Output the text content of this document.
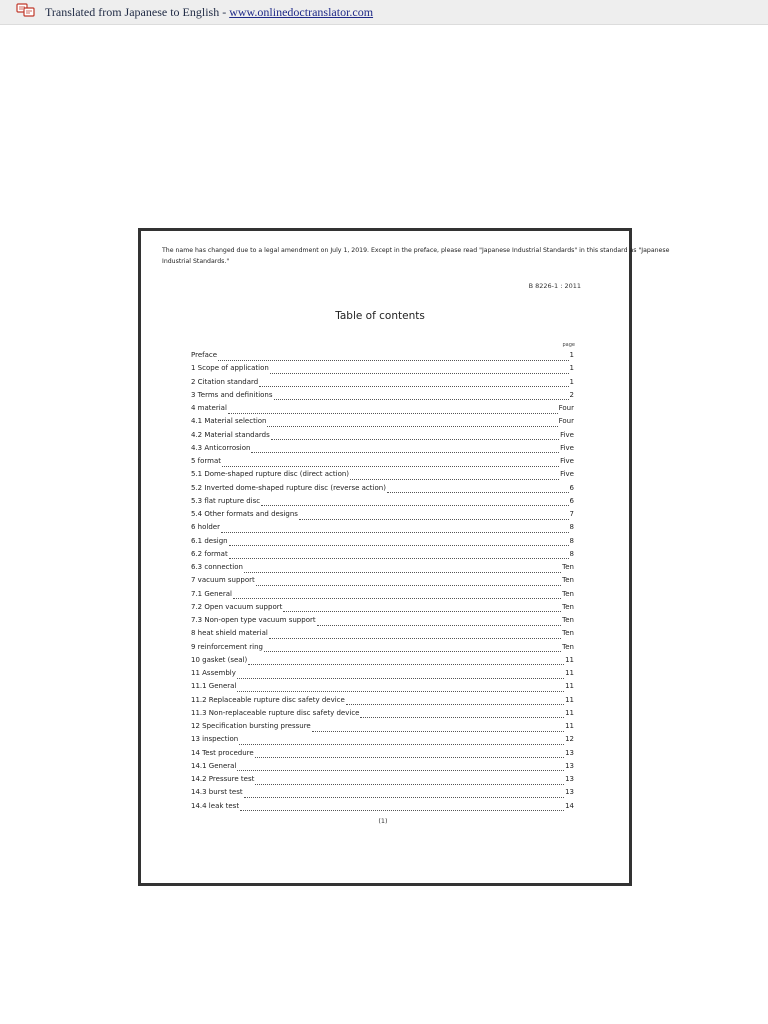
Translated from Japanese to English - www.onlinedoctranslator.com
The name has changed due to a legal amendment on July 1, 2019. Except in the preface, please read "Japanese Industrial Standards" in this standard as "Japanese Industrial Standards."
B 8226-1 : 2011
Table of contents
page
Preface	1
1 Scope of application	1
2 Citation standard	1
3 Terms and definitions	2
4 material	Four
4.1 Material selection	Four
4.2 Material standards	Five
4.3 Anticorrosion	Five
5 format	Five
5.1 Dome-shaped rupture disc (direct action)	Five
5.2 Inverted dome-shaped rupture disc (reverse action)	6
5.3 flat rupture disc	6
5.4 Other formats and designs	7
6 holder	8
6.1 design	8
6.2 format	8
6.3 connection	Ten
7 vacuum support	Ten
7.1 General	Ten
7.2 Open vacuum support	Ten
7.3 Non-open type vacuum support	Ten
8 heat shield material	Ten
9 reinforcement ring	Ten
10 gasket (seal)	11
11 Assembly	11
11.1 General	11
11.2 Replaceable rupture disc safety device	11
11.3 Non-replaceable rupture disc safety device	11
12 Specification bursting pressure	11
13 inspection	12
14 Test procedure	13
14.1 General	13
14.2 Pressure test	13
14.3 burst test	13
14.4 leak test	14
(1)
